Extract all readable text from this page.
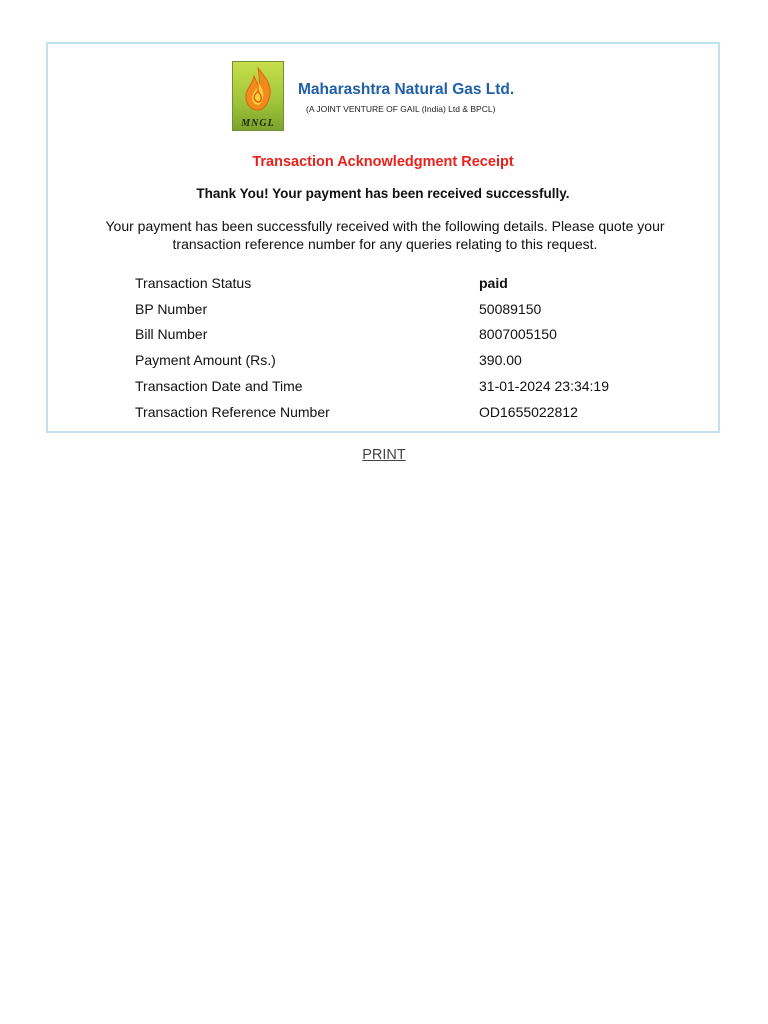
MNGL
Maharashtra Natural Gas Ltd.
(A JOINT VENTURE OF GAIL (India) Ltd & BPCL)
Transaction Acknowledgment Receipt
Thank You! Your payment has been received successfully.
Your payment has been successfully received with the following details. Please quote your transaction reference number for any queries relating to this request.
Transaction Status	paid
BP Number	50089150
Bill Number	8007005150
Payment Amount (Rs.)	390.00
Transaction Date and Time	31-01-2024 23:34:19
Transaction Reference Number	OD1655022812
PRINT
